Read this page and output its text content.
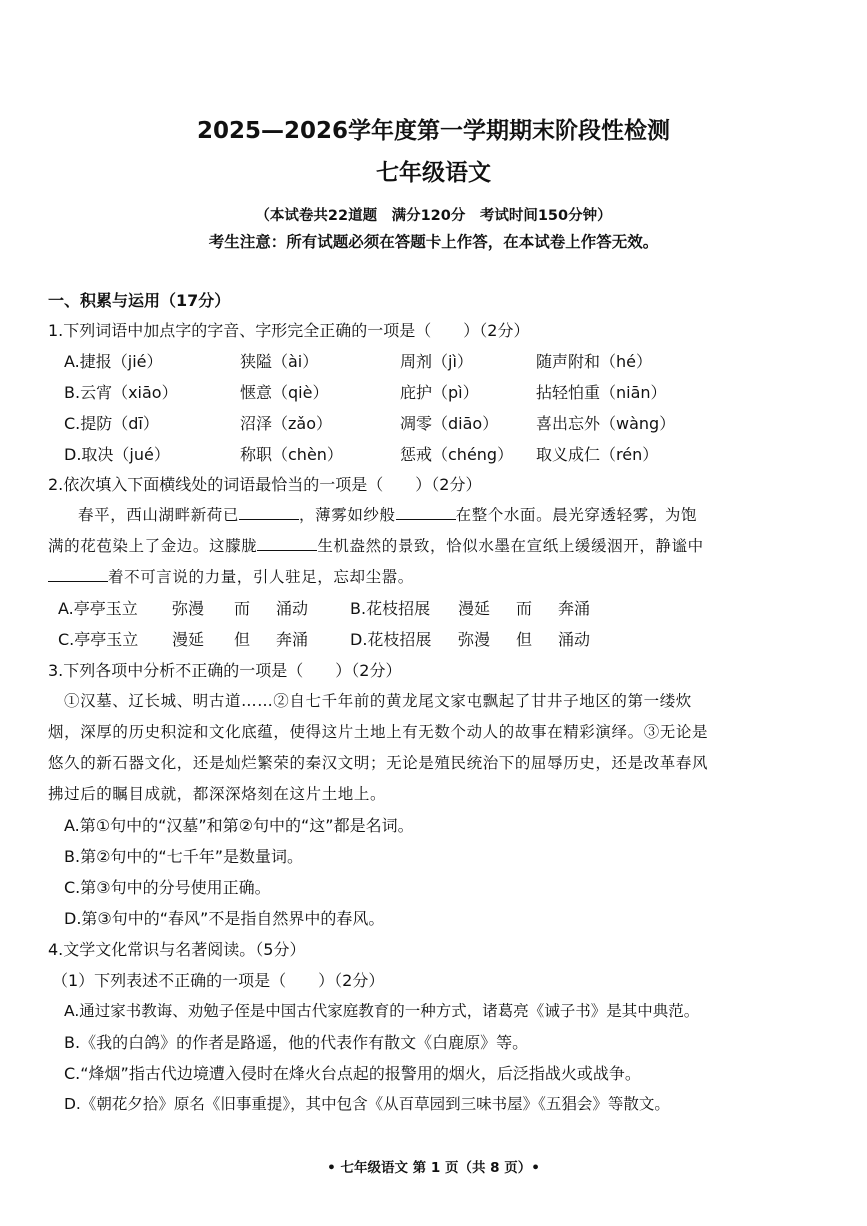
2025—2026学年度第一学期期末阶段性检测
七年级语文
（本试卷共22道题　满分120分　考试时间150分钟）
考生注意：所有试题必须在答题卡上作答，在本试卷上作答无效。
一、积累与运用（17分）
1.下列词语中加点字的字音、字形完全正确的一项是（　　）（2分）
A.捷报（jié）	狭隘（ài）	周剂（jì）	随声附和（hé）
B.云宵（xiāo）	惬意（qiè）	庇护（pì）	拈轻怕重（niān）
C.提防（dī）	沼泽（zǎo）	凋零（diāo） 喜出忘外（wàng）
D.取决（jué）	称职（chèn）	惩戒（chéng） 取义成仁（rén）
2.依次填入下面横线处的词语最恰当的一项是（　　）（2分）
春平，西山湖畔新荷已	，薄雾如纱般	在整个水面。晨光穿透轻雾，为饱
满的花苞染上了金边。这朦胧	生机盎然的景致，恰似水墨在宣纸上缓缓洇开，静谧中
着不可言说的力量，引人驻足，忘却尘嚣。
A.亭亭玉立 弥漫 而 涌动	B.花枝招展 漫延 而 奔涌
C.亭亭玉立 漫延 但 奔涌	D.花枝招展 弥漫 但 涌动
3.下列各项中分析不正确的一项是（　　）（2分）
①汉墓、辽长城、明古道……②自七千年前的黄龙尾文家屯飘起了甘井子地区的第一缕炊
烟，深厚的历史积淀和文化底蕴，使得这片土地上有无数个动人的故事在精彩演绎。③无论是
悠久的新石器文化，还是灿烂繁荣的秦汉文明；无论是殖民统治下的屈辱历史，还是改革春风
拂过后的瞩目成就，都深深烙刻在这片土地上。
A.第①句中的“汉墓”和第②句中的“这”都是名词。
B.第②句中的“七千年”是数量词。
C.第③句中的分号使用正确。
D.第③句中的“春风”不是指自然界中的春风。
4.文学文化常识与名著阅读。（5分）
（1）下列表述不正确的一项是（　　）（2分）
A.通过家书教诲、劝勉子侄是中国古代家庭教育的一种方式，诸葛亮《诫子书》是其中典范。
B.《我的白鸽》的作者是路遥，他的代表作有散文《白鹿原》等。
C.“烽烟”指古代边境遭入侵时在烽火台点起的报警用的烟火，后泛指战火或战争。
D.《朝花夕拾》原名《旧事重提》，其中包含《从百草园到三味书屋》《五猖会》等散文。
• 七年级语文 第 1 页（共 8 页）•
